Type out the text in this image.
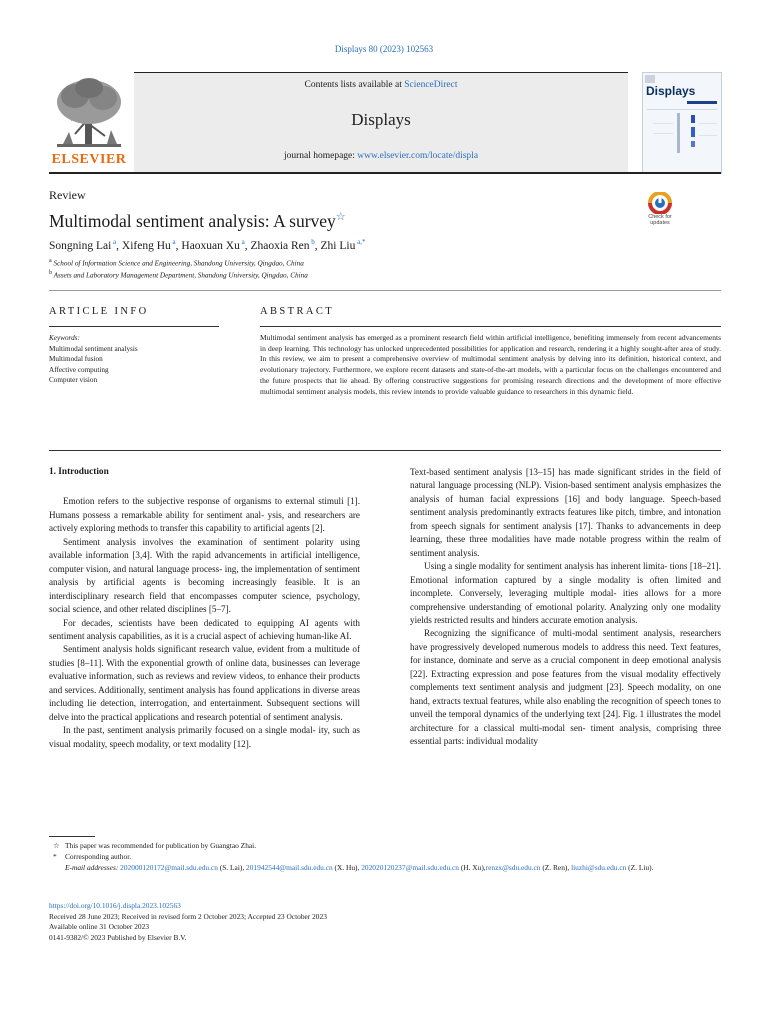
Displays 80 (2023) 102563
ELSEVIER
Contents lists available at ScienceDirect
Displays
journal homepage: www.elsevier.com/locate/displa
Displays
Review
Multimodal sentiment analysis: A survey☆	Check for
updates
Songning Lai $^a$, Xifeng Hu $^a$, Haoxuan Xu $^a$, Zhaoxia Ren $^b$, Zhi Liu $^{a,*}$
$^a$ School of Information Science and Engineering, Shandong University, Qingdao, China
$^b$ Assets and Laboratory Management Department, Shandong University, Qingdao, China
ARTICLE INFO	ABSTRACT
Keywords:
Multimodal sentiment analysis
Multimodal fusion
Affective computing
Computer vision
Multimodal sentiment analysis has emerged as a prominent research field within artificial intelligence, benefiting immensely from recent advancements in deep learning. This technology has unlocked unprecedented possibilities for application and research, rendering it a highly sought-after area of study. In this review, we aim to present a comprehensive overview of multimodal sentiment analysis by delving into its definition, historical context, and evolutionary trajectory. Furthermore, we explore recent datasets and state-of-the-art models, with a particular focus on the challenges encountered and the future prospects that lie ahead. By offering constructive suggestions for promising research directions and the development of more effective multimodal sentiment analysis models, this review intends to provide valuable guidance to researchers in this dynamic field.
1. Introduction

Emotion refers to the subjective response of organisms to external stimuli [1]. Humans possess a remarkable ability for sentiment anal- ysis, and researchers are actively exploring methods to transfer this capability to artificial agents [2].

Sentiment analysis involves the examination of sentiment polarity using available information [3,4]. With the rapid advancements in artificial intelligence, computer vision, and natural language process- ing, the implementation of sentiment analysis by artificial agents is becoming increasingly feasible. It is an interdisciplinary research field that encompasses computer science, psychology, social science, and other related disciplines [5–7].

For decades, scientists have been dedicated to equipping AI agents with sentiment analysis capabilities, as it is a crucial aspect of achieving human-like AI.

Sentiment analysis holds significant research value, evident from a multitude of studies [8–11]. With the exponential growth of online data, businesses can leverage evaluative information, such as reviews and review videos, to enhance their products and services. Additionally, sentiment analysis has found applications in diverse areas including lie detection, interrogation, and entertainment. Subsequent sections will delve into the practical applications and research potential of sentiment analysis.

In the past, sentiment analysis primarily focused on a single modal- ity, such as visual modality, speech modality, or text modality [12].

Text-based sentiment analysis [13–15] has made significant strides in the field of natural language processing (NLP). Vision-based sentiment analysis emphasizes the analysis of human facial expressions [16] and body language. Speech-based sentiment analysis predominantly extracts features like pitch, timbre, and intonation from speech signals for sentiment analysis [17]. Thanks to advancements in deep learning, these three modalities have made notable progress within the realm of sentiment analysis.

Using a single modality for sentiment analysis has inherent limita- tions [18–21]. Emotional information captured by a single modality is often limited and incomplete. Conversely, leveraging multiple modal- ities allows for a more comprehensive understanding of emotional polarity. Analyzing only one modality yields restricted results and hinders accurate emotion analysis.

Recognizing the significance of multi-modal sentiment analysis, researchers have progressively developed numerous models to address this need. Text features, for instance, dominate and serve as a crucial component in deep emotional analysis [22]. Extracting expression and pose features from the visual modality effectively complements text sentiment analysis and judgment [23]. Speech modality, on one hand, extracts textual features, while also enabling the recognition of speech tones to unveil the temporal dynamics of the underlying text [24]. Fig. 1 illustrates the model architecture for a classical multi-modal sen- timent analysis, comprising three essential parts: individual modality

☆ This paper was recommended for publication by Guangtao Zhai.
* Corresponding author.
E-mail addresses: 202000120172@mail.sdu.edu.cn (S. Lai), 201942544@mail.sdu.edu.cn (X. Hu), 202020120237@mail.sdu.edu.cn (H. Xu),renzx@sdu.edu.cn (Z. Ren), liuzhi@sdu.edu.cn (Z. Liu).
https://doi.org/10.1016/j.displa.2023.102563
Received 28 June 2023; Received in revised form 2 October 2023; Accepted 23 October 2023
Available online 31 October 2023
0141-9382/© 2023 Published by Elsevier B.V.
